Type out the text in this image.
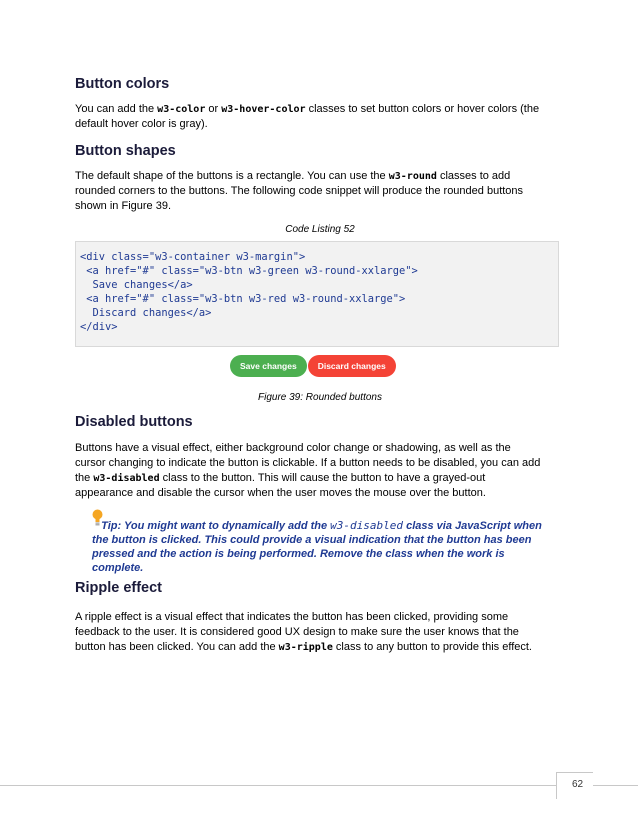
Button colors

You can add the w3-color or w3-hover-color classes to set button colors or hover colors (the
default hover color is gray).

Button shapes

The default shape of the buttons is a rectangle. You can use the w3-round classes to add
rounded corners to the buttons. The following code snippet will produce the rounded buttons
shown in Figure 39.

Code Listing 52
<div class="w3-container w3-margin">
<a href="#" class="w3-btn w3-green w3-round-xxlarge">
Save changes</a>
<a href="#" class="w3-btn w3-red w3-round-xxlarge">
Discard changes</a>
</div>
Save changes	Discard changes
Figure 39: Rounded buttons
Disabled buttons

Buttons have a visual effect, either background color change or shadowing, as well as the
cursor changing to indicate the button is clickable. If a button needs to be disabled, you can add
the w3-disabled class to the button. This will cause the button to have a grayed-out
appearance and disable the cursor when the user moves the mouse over the button.

Tip: You might want to dynamically add the w3-disabled class via JavaScript when
the button is clicked. This could provide a visual indication that the button has been
pressed and the action is being performed. Remove the class when the work is
complete.
Ripple effect

A ripple effect is a visual effect that indicates the button has been clicked, providing some
feedback to the user. It is considered good UX design to make sure the user knows that the
button has been clicked. You can add the w3-ripple class to any button to provide this effect.

62
